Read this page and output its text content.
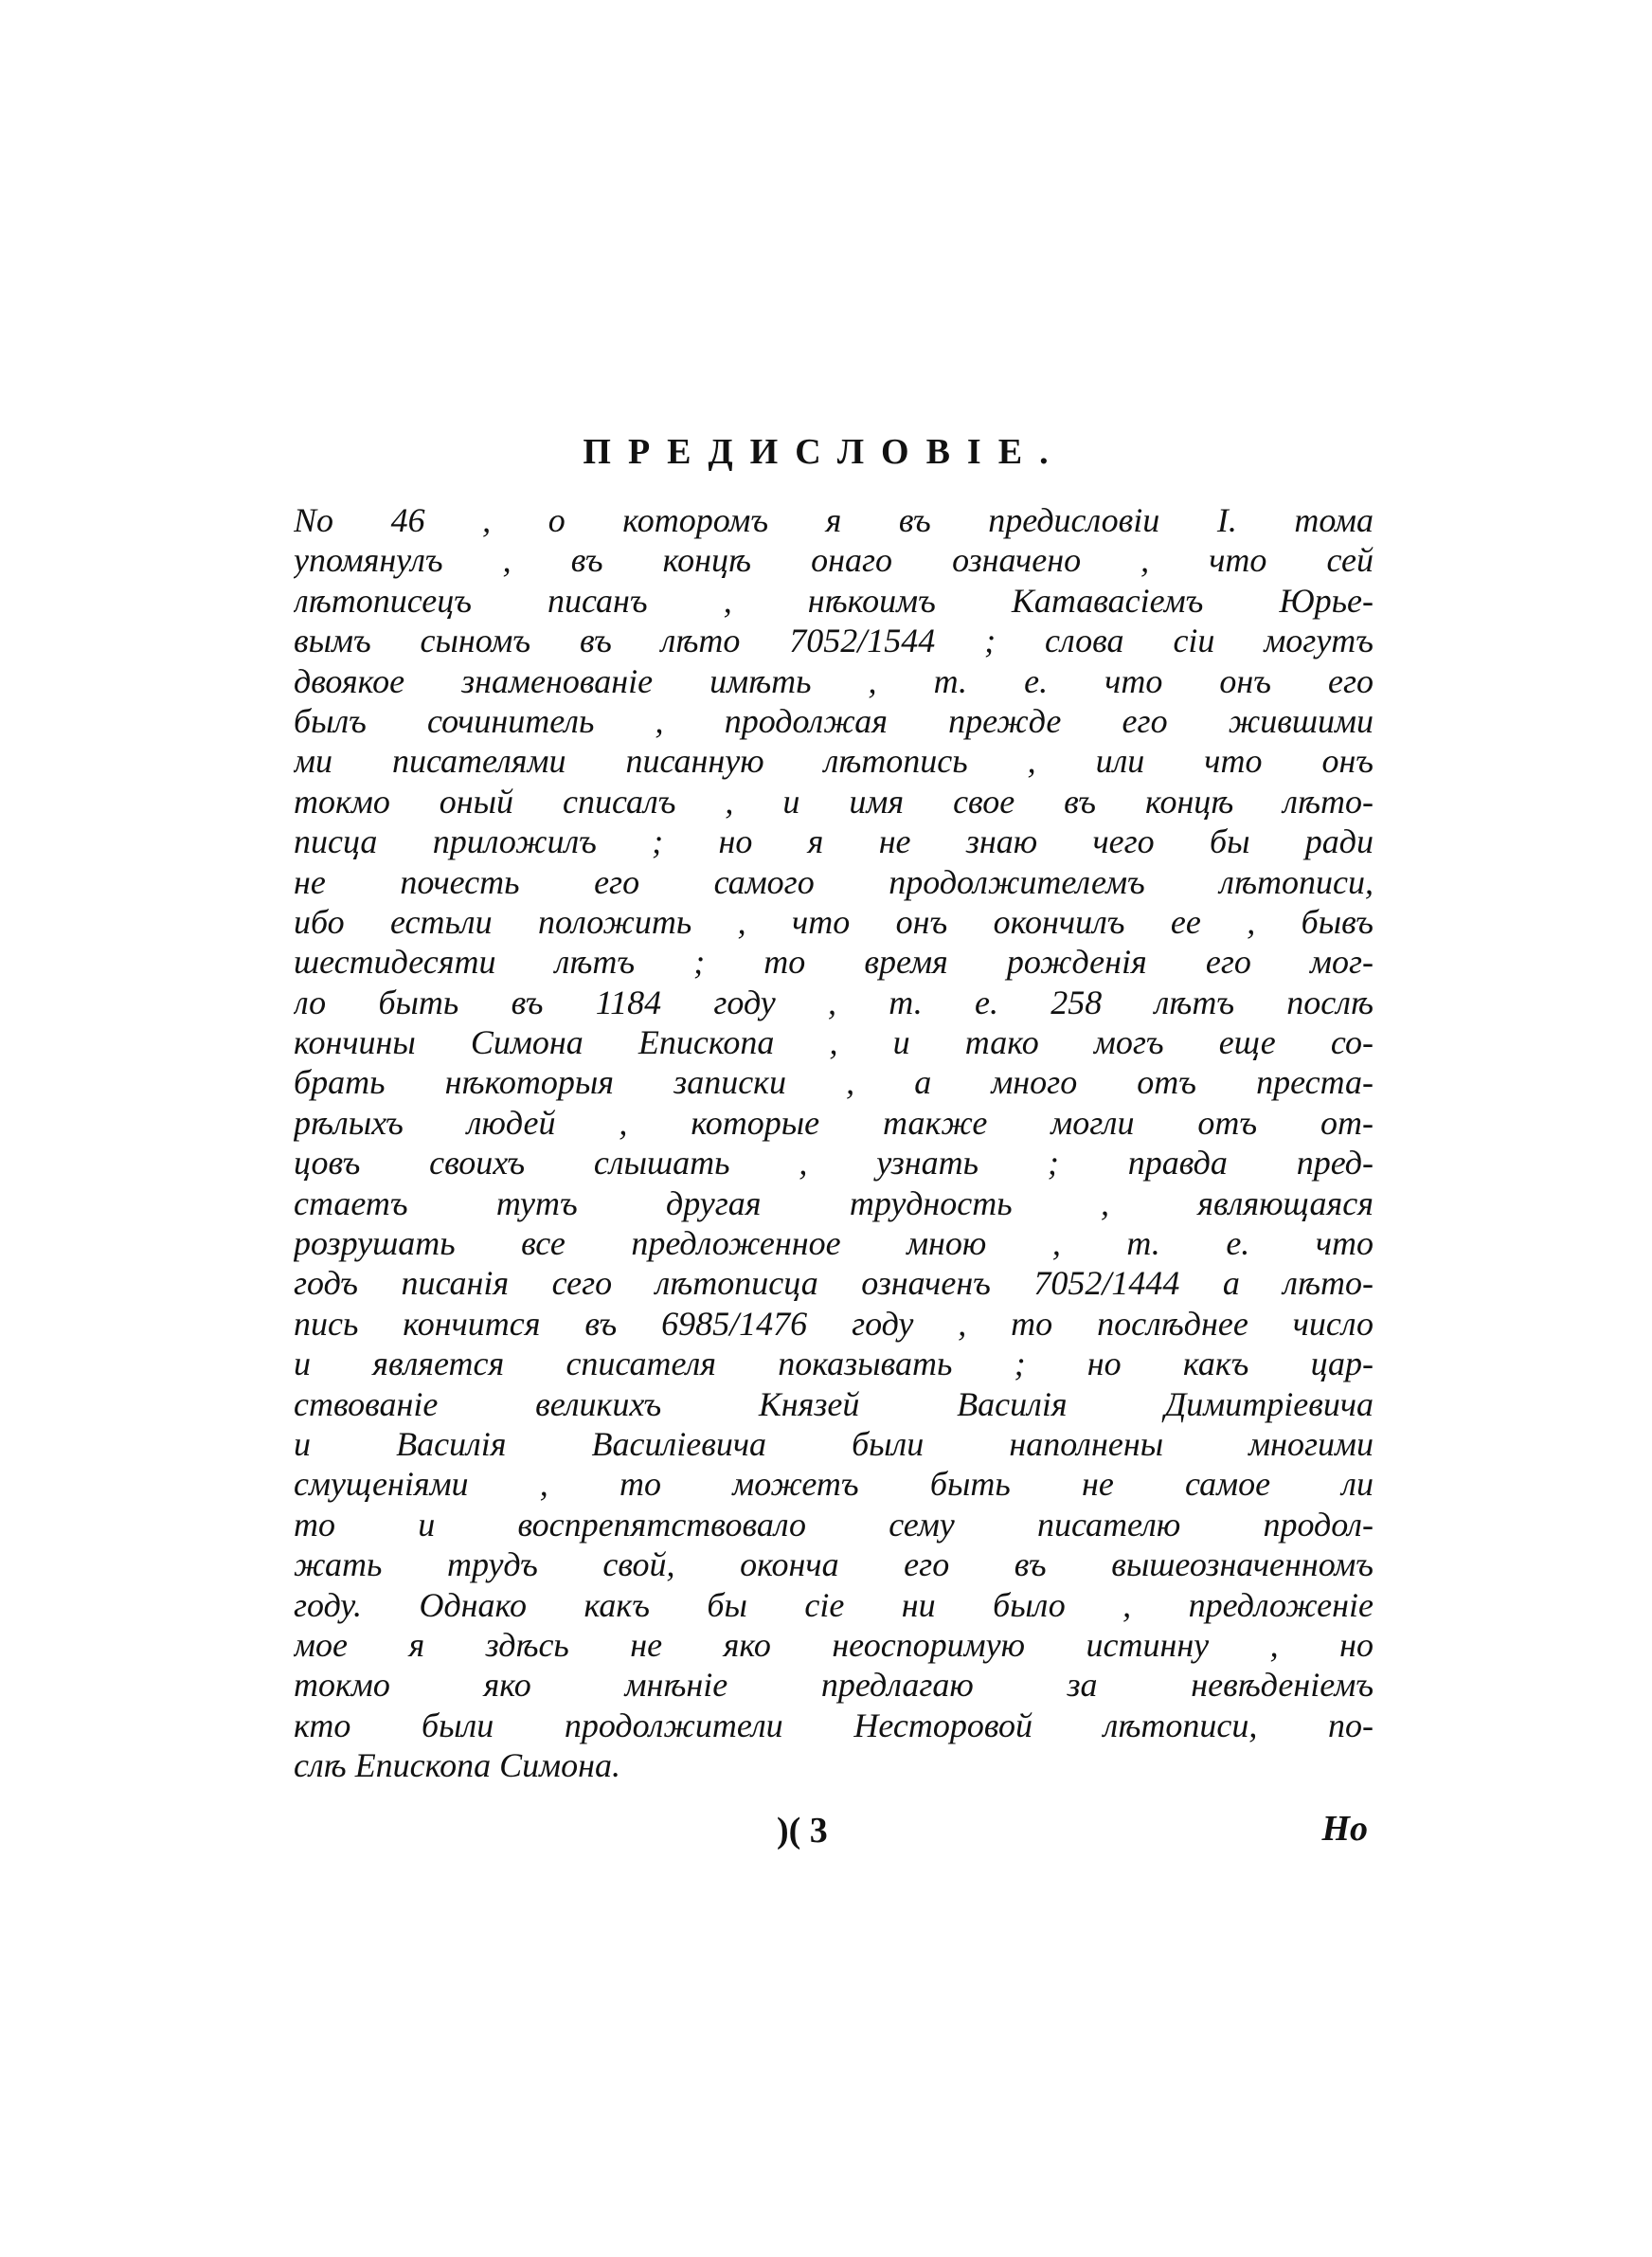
ПРЕДИСЛОВІЕ.
No 46 , о которомъ я въ предисловіи I. тома
упомянулъ , въ концѣ онаго означено , что сей
лѣтописецъ писанъ , нѣкоимъ Катавасіемъ Юрье-
вымъ сыномъ въ лѣто 7052/1544 ; слова сіи могутъ
двоякое знаменованіе имѣть , т. е. что онъ его
былъ сочинитель , продолжая прежде его жившими
ми писателями писанную лѣтопись , или что онъ
токмо оный списалъ , и имя свое въ концѣ лѣто-
писца приложилъ ; но я не знаю чего бы ради
не почесть его самого продолжителемъ лѣтописи,
ибо естьли положить , что онъ окончилъ ее , бывъ
шестидесяти лѣтъ ; то время рожденія его мог-
ло быть въ 1184 году , т. е. 258 лѣтъ послѣ
кончины Симона Епископа , и тако могъ еще со-
брать нѣкоторыя записки , а много отъ преста-
рѣлыхъ людей , которые также могли отъ от-
цовъ своихъ слышать , узнать ; правда пред-
стаетъ тутъ другая трудность , являющаяся
розрушать все предложенное мною , т. е. что
годъ писанія сего лѣтописца означенъ 7052/1444 а лѣто-
пись кончится въ 6985/1476 году , то послѣднее число
и является списателя показывать ; но какъ цар-
ствованіе великихъ Князей Василія Димитріевича
и Василія Василіевича были наполнены многими
смущеніями , то можетъ быть не самое ли
то и воспрепятствовало сему писателю продол-
жать трудъ свой, окончa его въ вышеозначенномъ
году. Однако какъ бы сіе ни было , предложеніе
мое я здѣсь не яко неоспоримую истинну , но
токмо яко мнѣніе предлагаю за невѣденіемъ
кто были продолжители Несторовой лѣтописи, по-
слѣ Епископа Симона.
)( 3	Но
